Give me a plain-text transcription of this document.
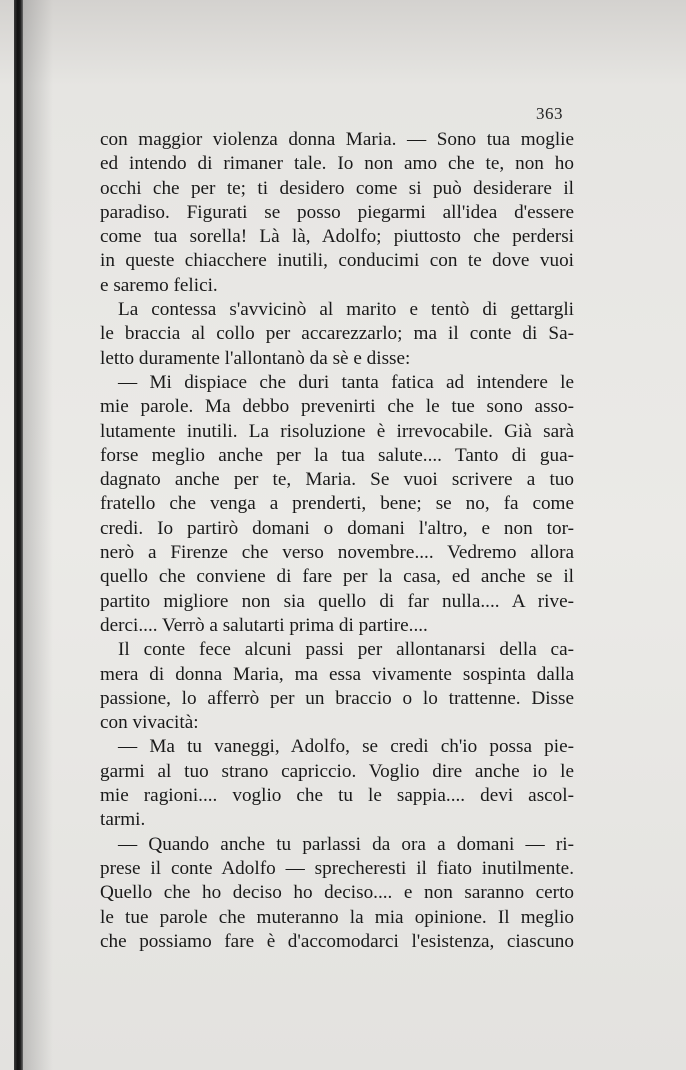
363
con maggior violenza donna Maria. — Sono tua moglie
ed intendo di rimaner tale. Io non amo che te, non ho
occhi che per te; ti desidero come si può desiderare il
paradiso. Figurati se posso piegarmi all'idea d'essere
come tua sorella! Là là, Adolfo; piuttosto che perdersi
in queste chiacchere inutili, conducimi con te dove vuoi
e saremo felici.
La contessa s'avvicinò al marito e tentò di gettargli
le braccia al collo per accarezzarlo; ma il conte di Sa-
letto duramente l'allontanò da sè e disse:
— Mi dispiace che duri tanta fatica ad intendere le
mie parole. Ma debbo prevenirti che le tue sono asso-
lutamente inutili. La risoluzione è irrevocabile. Già sarà
forse meglio anche per la tua salute.... Tanto di gua-
dagnato anche per te, Maria. Se vuoi scrivere a tuo
fratello che venga a prenderti, bene; se no, fa come
credi. Io partirò domani o domani l'altro, e non tor-
nerò a Firenze che verso novembre.... Vedremo allora
quello che conviene di fare per la casa, ed anche se il
partito migliore non sia quello di far nulla.... A rive-
derci.... Verrò a salutarti prima di partire....
Il conte fece alcuni passi per allontanarsi della ca-
mera di donna Maria, ma essa vivamente sospinta dalla
passione, lo afferrò per un braccio o lo trattenne. Disse
con vivacità:
— Ma tu vaneggi, Adolfo, se credi ch'io possa pie-
garmi al tuo strano capriccio. Voglio dire anche io le
mie ragioni.... voglio che tu le sappia.... devi ascol-
tarmi.
— Quando anche tu parlassi da ora a domani — ri-
prese il conte Adolfo — sprecheresti il fiato inutilmente.
Quello che ho deciso ho deciso.... e non saranno certo
le tue parole che muteranno la mia opinione. Il meglio
che possiamo fare è d'accomodarci l'esistenza, ciascuno
